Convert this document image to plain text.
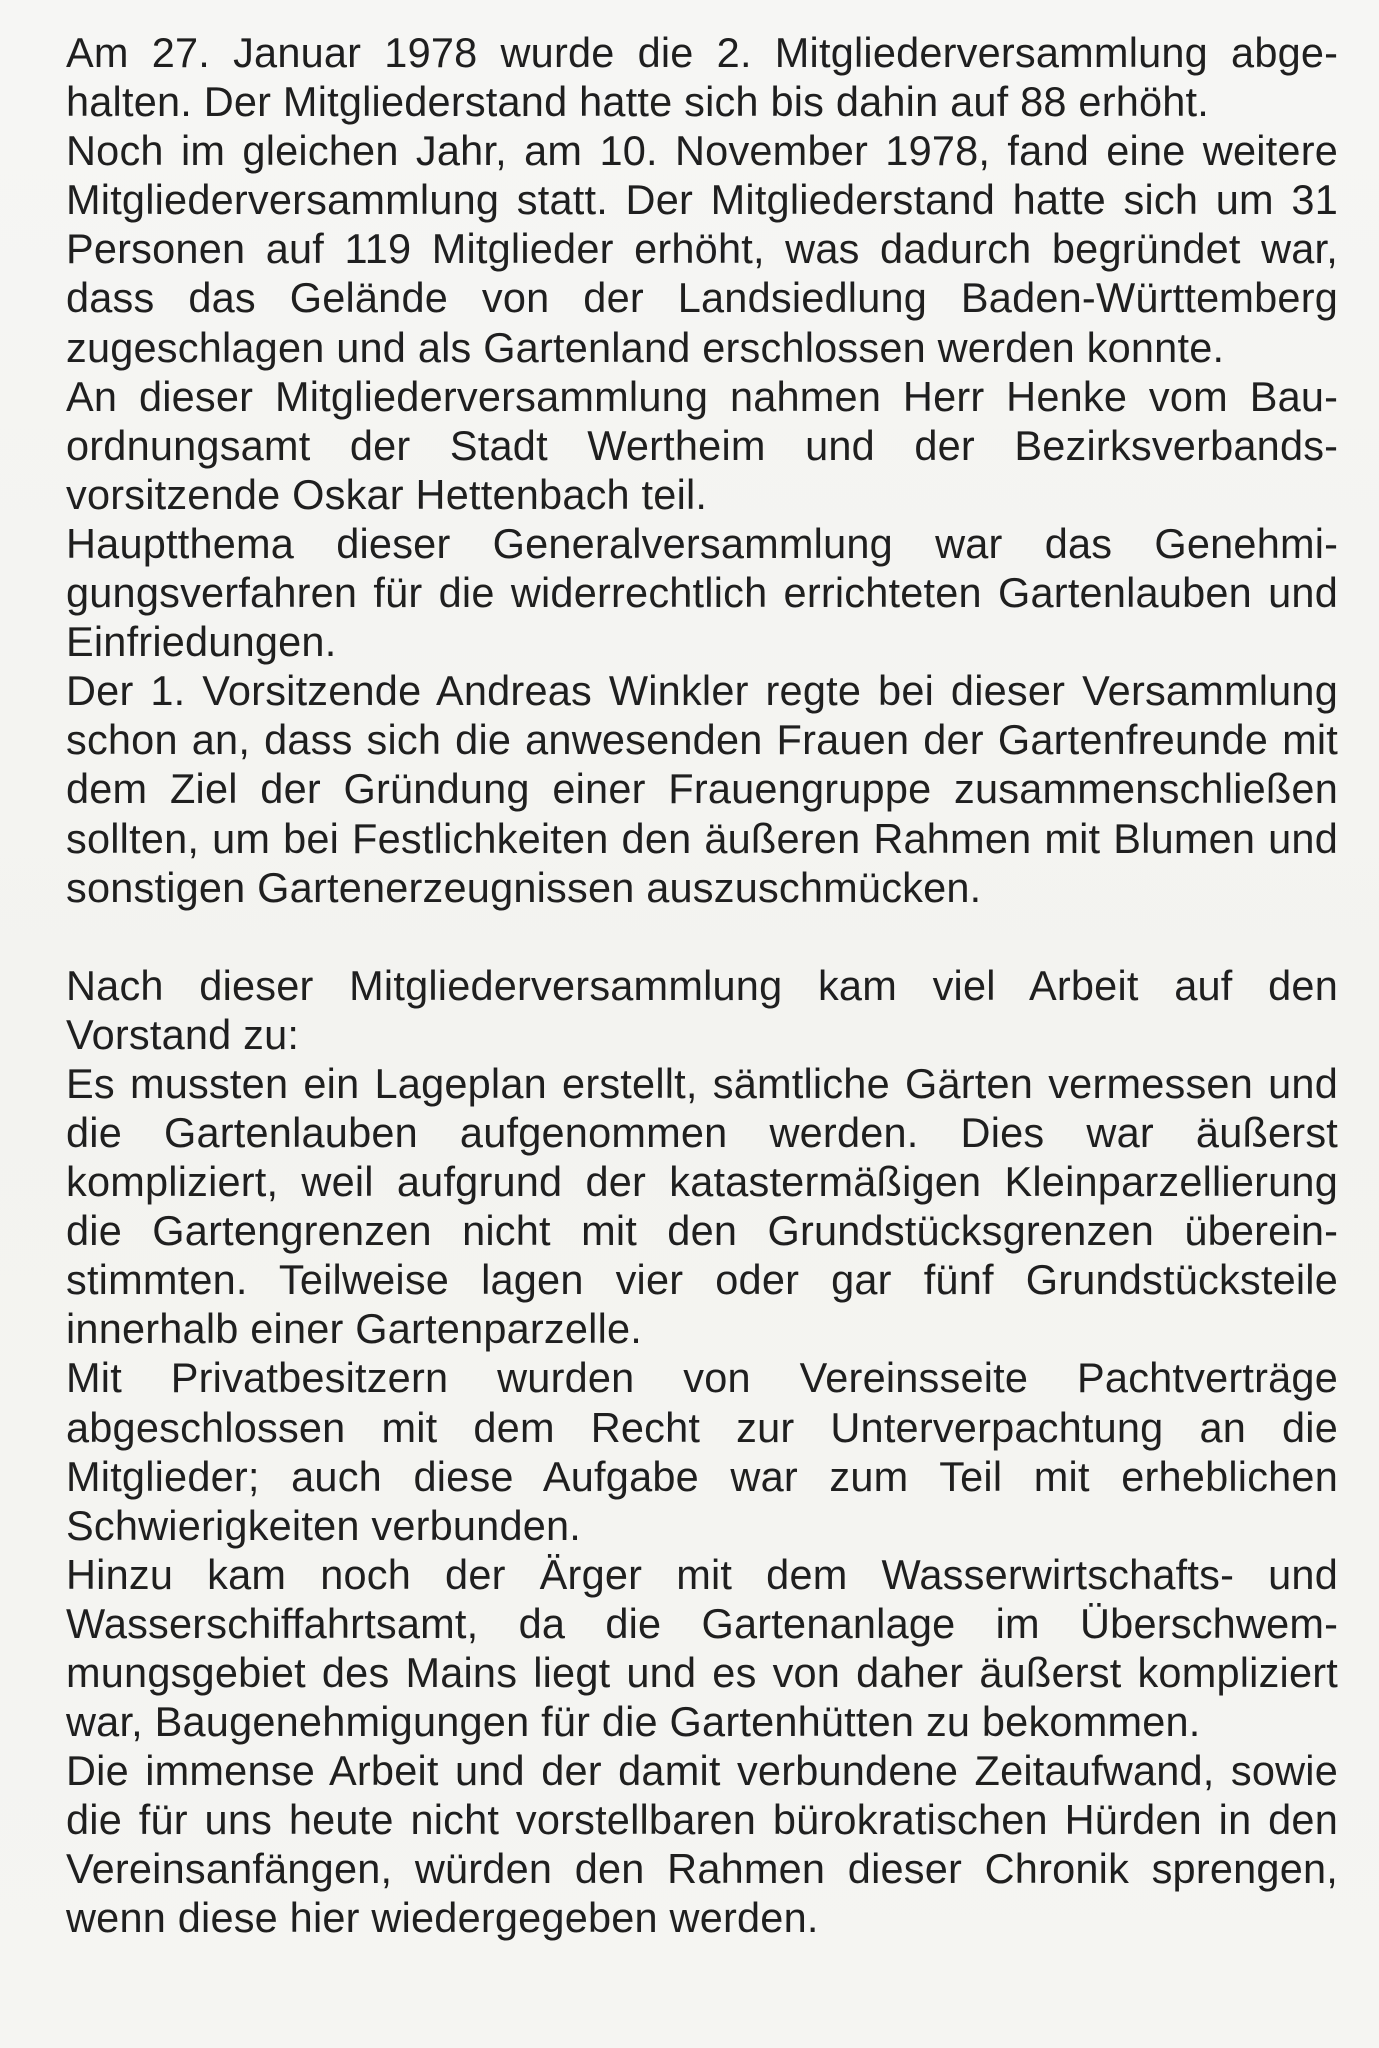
Am 27. Januar 1978 wurde die 2. Mitgliederversammlung abgehalten. Der Mitgliederstand hatte sich bis dahin auf 88 erhöht.

Noch im gleichen Jahr, am 10. November 1978, fand eine weitere Mitgliederversammlung statt. Der Mitgliederstand hatte sich um 31 Personen auf 119 Mitglieder erhöht, was dadurch begründet war, dass das Gelände von der Landsiedlung Baden-Württemberg zugeschlagen und als Gartenland erschlossen werden konnte.

An dieser Mitgliederversammlung nahmen Herr Henke vom Bauordnungsamt der Stadt Wertheim und der Bezirksverbandsvorsitzende Oskar Hettenbach teil.

Hauptthema dieser Generalversammlung war das Genehmigungsverfahren für die widerrechtlich errichteten Gartenlauben und Einfriedungen.

Der 1. Vorsitzende Andreas Winkler regte bei dieser Versammlung schon an, dass sich die anwesenden Frauen der Gartenfreunde mit dem Ziel der Gründung einer Frauengruppe zusammenschließen sollten, um bei Festlichkeiten den äußeren Rahmen mit Blumen und sonstigen Gartenerzeugnissen auszuschmücken.

Nach dieser Mitgliederversammlung kam viel Arbeit auf den Vorstand zu:

Es mussten ein Lageplan erstellt, sämtliche Gärten vermessen und die Gartenlauben aufgenommen werden. Dies war äußerst kompliziert, weil aufgrund der katastermäßigen Kleinparzellierung die Gartengrenzen nicht mit den Grundstücksgrenzen übereinstimmten. Teilweise lagen vier oder gar fünf Grundstücksteile innerhalb einer Gartenparzelle.

Mit Privatbesitzern wurden von Vereinsseite Pachtverträge abgeschlossen mit dem Recht zur Unterverpachtung an die Mitglieder; auch diese Aufgabe war zum Teil mit erheblichen Schwierigkeiten verbunden.

Hinzu kam noch der Ärger mit dem Wasserwirtschafts- und Wasserschiffahrtsamt, da die Gartenanlage im Überschwemmungsgebiet des Mains liegt und es von daher äußerst kompliziert war, Baugenehmigungen für die Gartenhütten zu bekommen.

Die immense Arbeit und der damit verbundene Zeitaufwand, sowie die für uns heute nicht vorstellbaren bürokratischen Hürden in den Vereinsanfängen, würden den Rahmen dieser Chronik sprengen, wenn diese hier wiedergegeben werden.
